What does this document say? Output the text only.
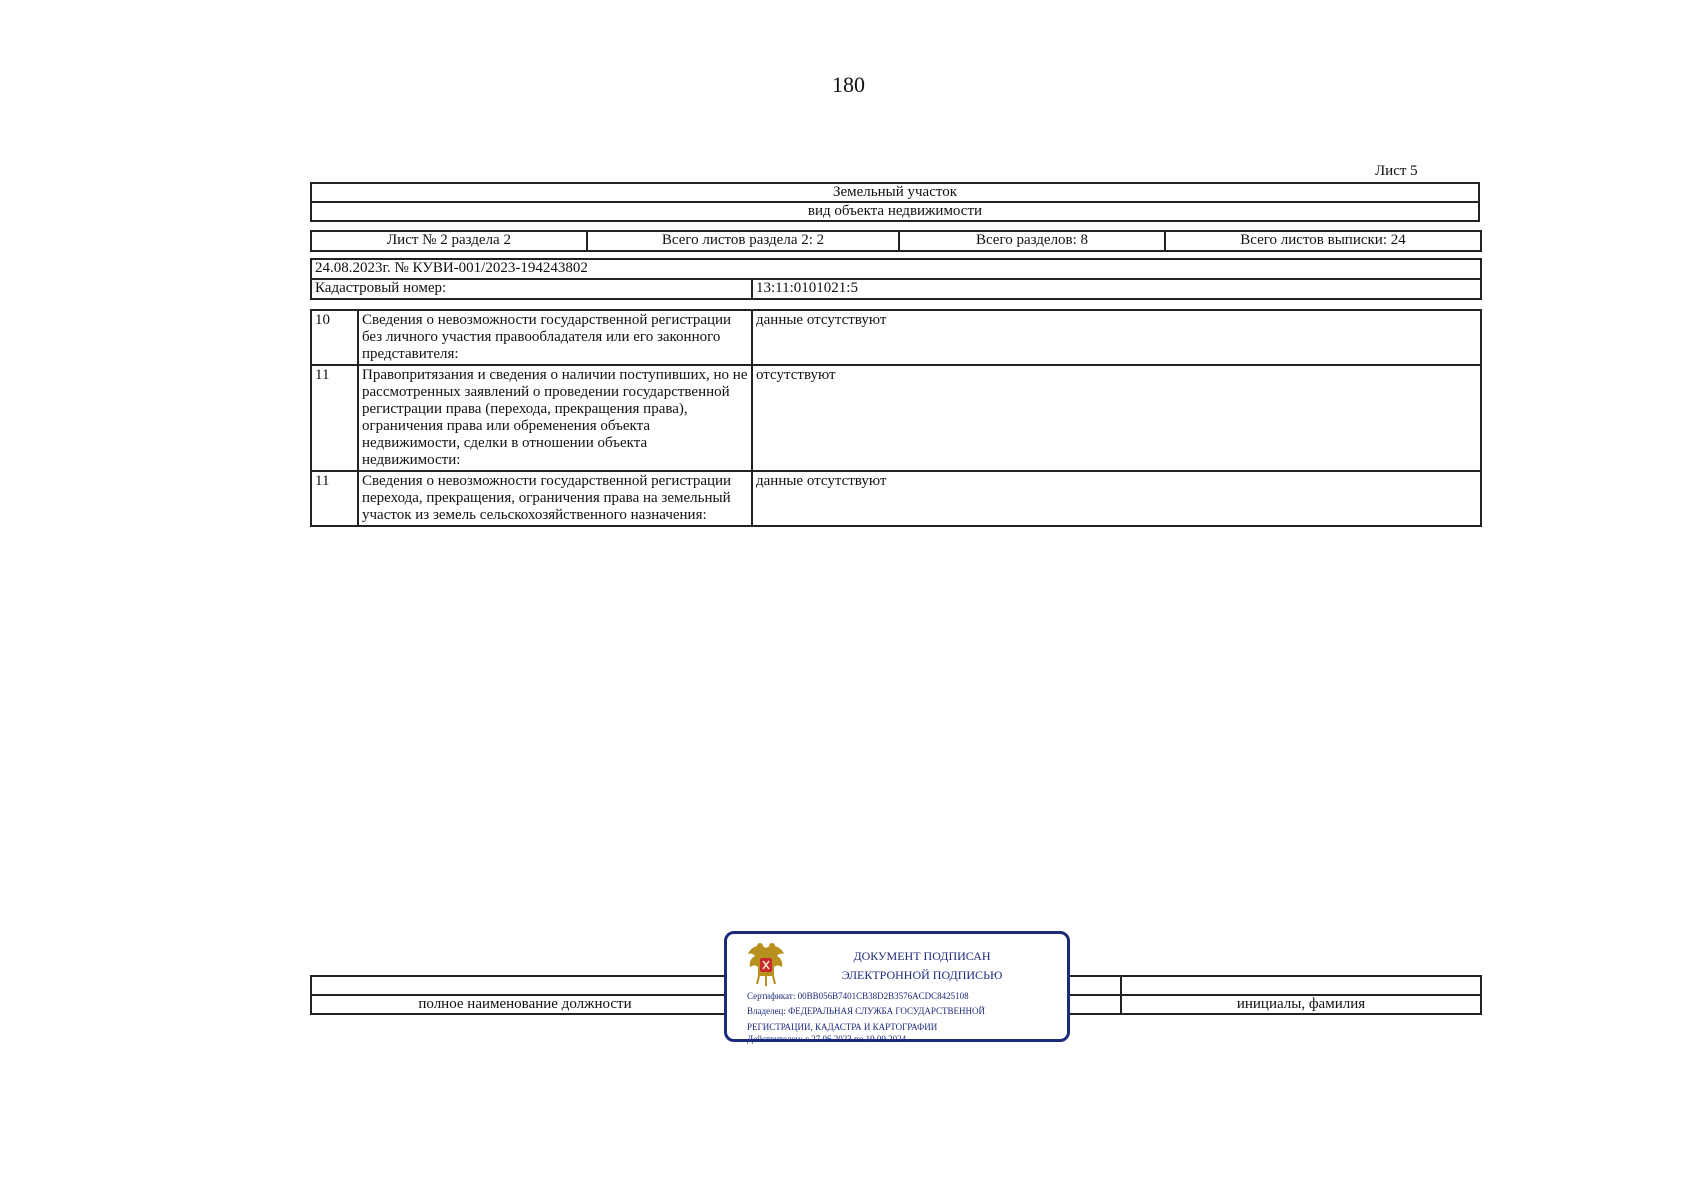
180
Лист 5
Земельный участок
вид объекта недвижимости
Лист № 2 раздела 2	Всего листов раздела 2: 2	Всего разделов: 8	Всего листов выписки: 24
24.08.2023г. № КУВИ-001/2023-194243802
Кадастровый номер:	13:11:0101021:5
10	Сведения о невозможности государственной регистрации без личного участия правообладателя или его законного представителя:	данные отсутствуют
11	Правопритязания и сведения о наличии поступивших, но не рассмотренных заявлений о проведении государственной регистрации права (перехода, прекращения права), ограничения права или обременения объекта недвижимости, сделки в отношении объекта недвижимости:	отсутствуют
11	Сведения о невозможности государственной регистрации перехода, прекращения, ограничения права на земельный участок из земель сельскохозяйственного назначения:	данные отсутствуют

полное наименование должности		инициалы, фамилия
ДОКУМЕНТ ПОДПИСАН
ЭЛЕКТРОННОЙ ПОДПИСЬЮ
Сертификат: 00BB056B7401CB38D2B3576ACDC8425108
Владелец: ФЕДЕРАЛЬНАЯ СЛУЖБА ГОСУДАРСТВЕННОЙ
РЕГИСТРАЦИИ, КАДАСТРА И КАРТОГРАФИИ
Действителен: с 27.06.2023 по 19.09.2024
